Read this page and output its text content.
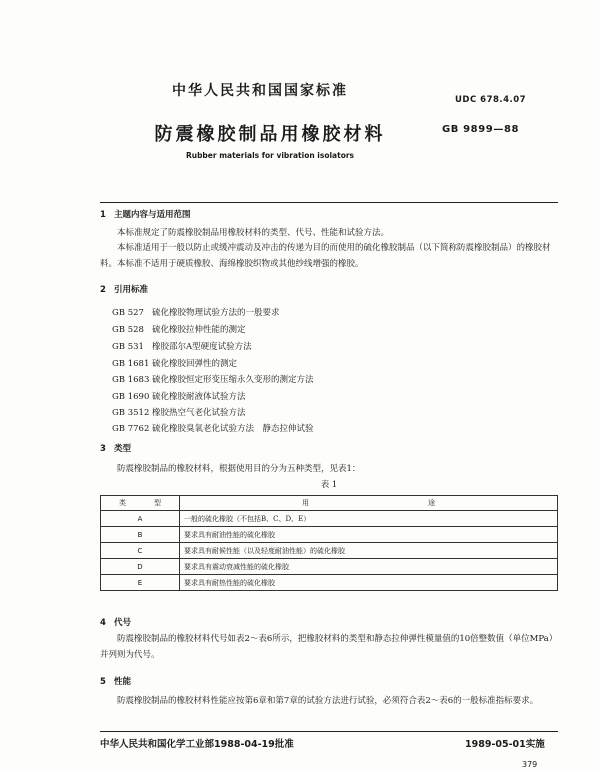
中华人民共和国国家标准
UDC 678.4.07
防震橡胶制品用橡胶材料	GB 9899—88
Rubber materials for vibration isolators
1 主题内容与适用范围
本标准规定了防震橡胶制品用橡胶材料的类型、代号、性能和试验方法。
本标准适用于一般以防止或缓冲震动及冲击的传递为目的而使用的硫化橡胶制品（以下简称防震橡胶制品）的橡胶材料。本标准不适用于硬质橡胶、海绵橡胶织物或其他纱线增强的橡胶。
2 引用标准
GB 527 硫化橡胶物理试验方法的一般要求
GB 528 硫化橡胶拉伸性能的测定
GB 531 橡胶邵尔A型硬度试验方法
GB 1681 硫化橡胶回弹性的测定
GB 1683 硫化橡胶恒定形变压缩永久变形的测定方法
GB 1690 硫化橡胶耐液体试验方法
GB 3512 橡胶热空气老化试验方法
GB 7762 硫化橡胶臭氧老化试验方法　静态拉伸试验
3 类型
防震橡胶制品的橡胶材料，根据使用目的分为五种类型，见表1：
表 1
类　　　　型	用　　　　　　　　　　　　　　　　　途
A	一般的硫化橡胶（不包括B、C、D、E）
B	要求具有耐油性能的硫化橡胶
C	要求具有耐候性能（以及轻度耐油性能）的硫化橡胶
D	要求具有震动衰减性能的硫化橡胶
E	要求具有耐热性能的硫化橡胶
4 代号
防震橡胶制品的橡胶材料代号如表2～表6所示，把橡胶材料的类型和静态拉伸弹性模量值的10倍整数值（单位MPa）并列则为代号。
5 性能
防震橡胶制品的橡胶材料性能应按第6章和第7章的试验方法进行试验，必须符合表2～表6的一般标准指标要求。
中华人民共和国化学工业部1988-04-19批准	1989-05-01实施
379
